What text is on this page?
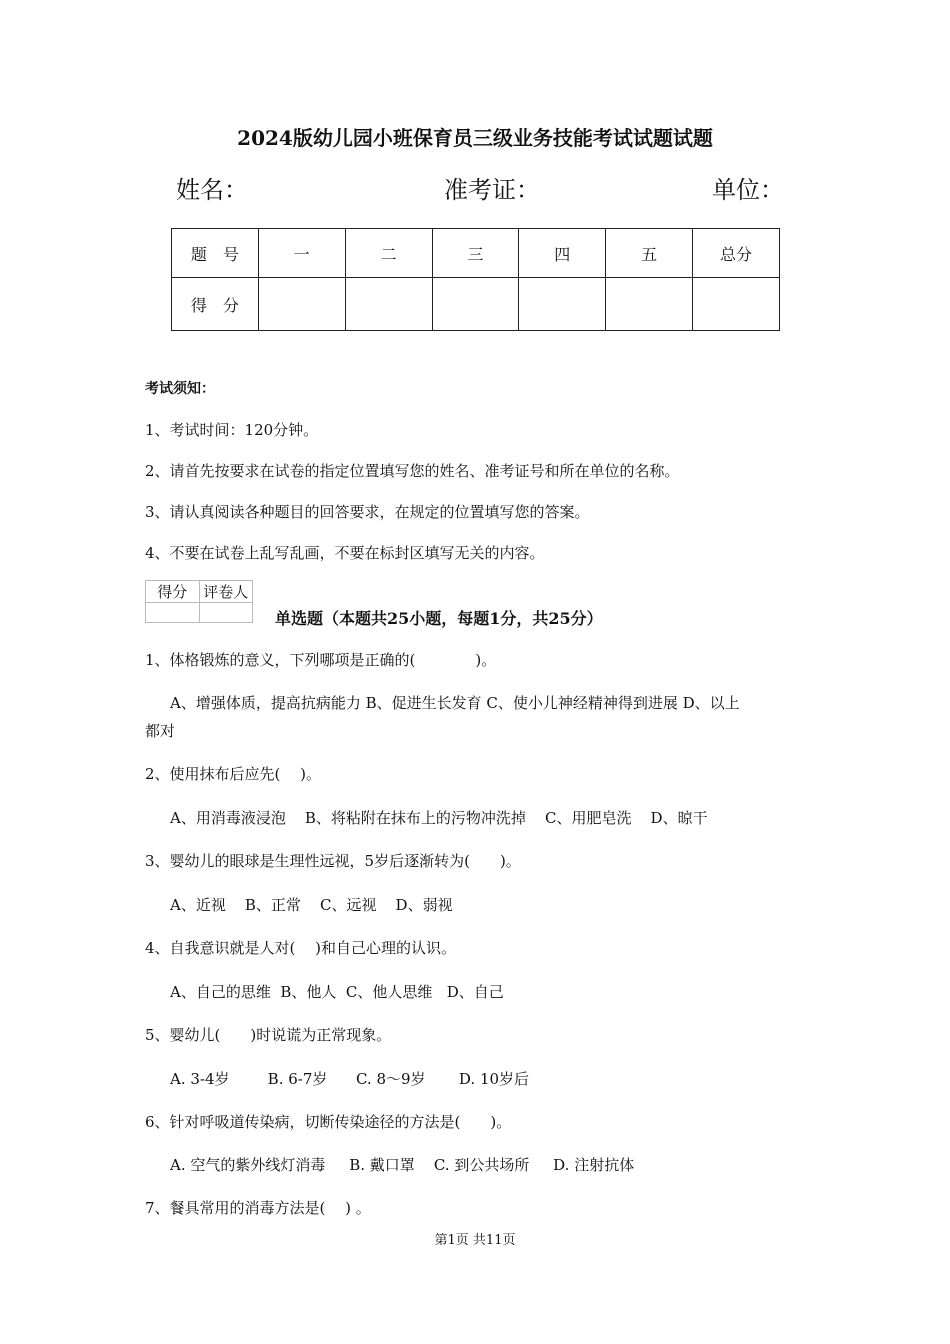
2024版幼儿园小班保育员三级业务技能考试试题试题
姓名：	准考证：	单位：
题　号	一	二	三	四	五	总分
得　分						
考试须知：
1、考试时间：120分钟。
2、请首先按要求在试卷的指定位置填写您的姓名、准考证号和所在单位的名称。
3、请认真阅读各种题目的回答要求，在规定的位置填写您的答案。
4、不要在试卷上乱写乱画，不要在标封区填写无关的内容。
得分	评卷人

单选题（本题共25小题，每题1分，共25分）
1、体格锻炼的意义，下列哪项是正确的(　　　　)。
A、增强体质，提高抗病能力 B、促进生长发育 C、使小儿神经精神得到进展 D、以上
都对
2、使用抹布后应先(　 )。
A、用消毒液浸泡    B、将粘附在抹布上的污物冲洗掉    C、用肥皂洗    D、晾干
3、婴幼儿的眼球是生理性远视，5岁后逐渐转为(　　)。
A、近视    B、正常    C、远视    D、弱视
4、自我意识就是人对(　 )和自己心理的认识。
A、自己的思维  B、他人  C、他人思维   D、自己
5、婴幼儿(　　)时说谎为正常现象。
A. 3-4岁        B. 6-7岁      C. 8～9岁       D. 10岁后
6、针对呼吸道传染病，切断传染途径的方法是(　　)。
A. 空气的紫外线灯消毒     B. 戴口罩    C. 到公共场所     D. 注射抗体
7、餐具常用的消毒方法是(　 ) 。
第1页 共11页
